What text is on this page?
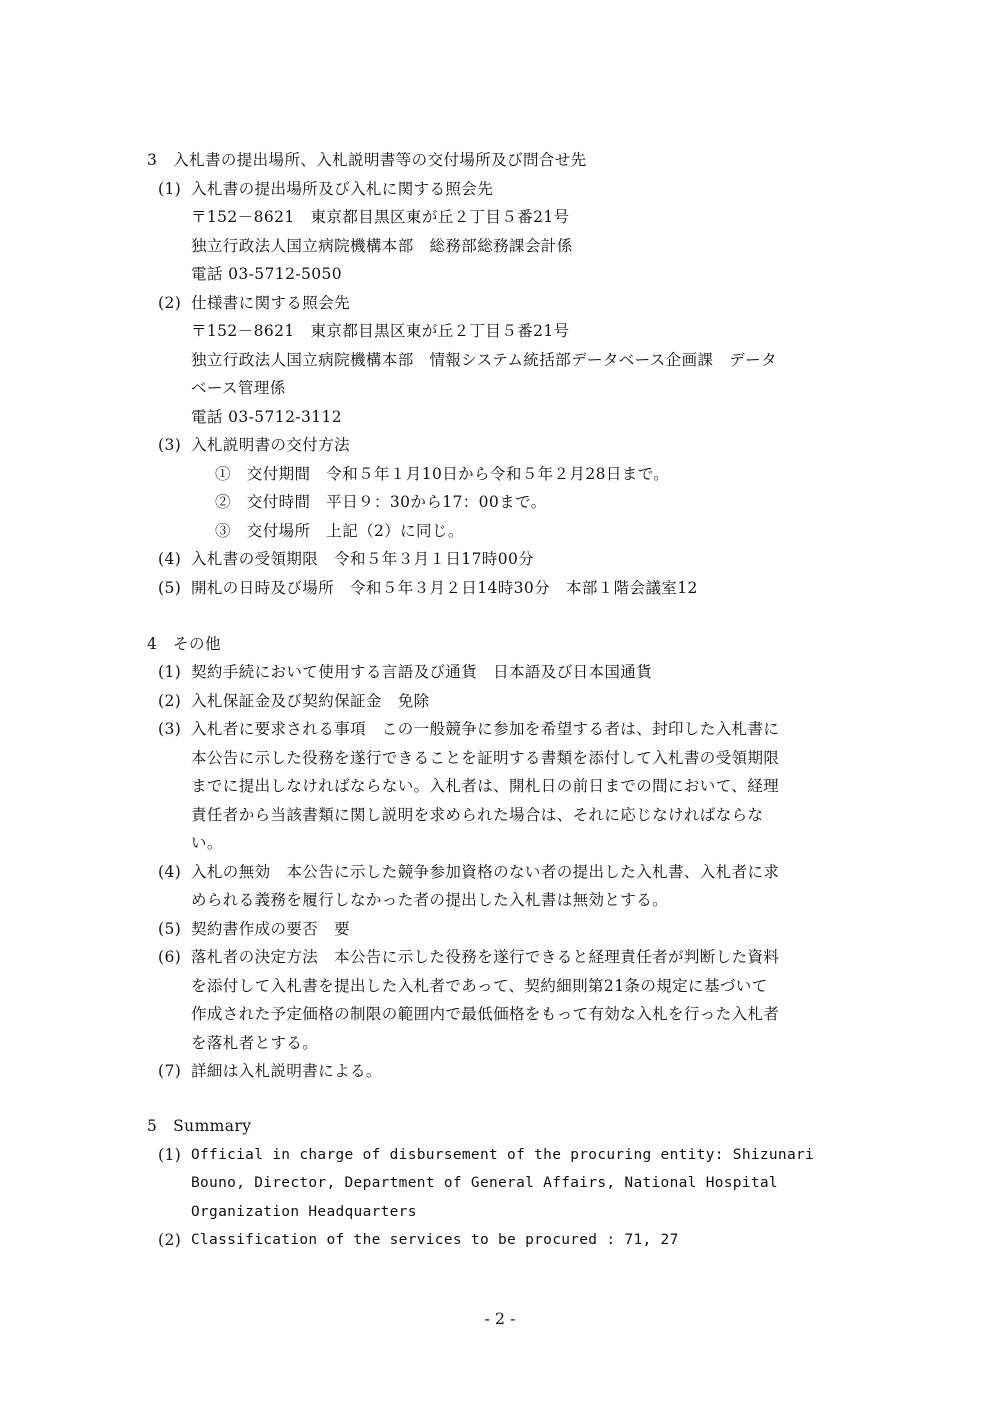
3　入札書の提出場所、入札説明書等の交付場所及び問合せ先
(1) 入札書の提出場所及び入札に関する照会先
〒152－8621　東京都目黒区東が丘２丁目５番21号
独立行政法人国立病院機構本部　総務部総務課会計係
電話 03-5712-5050
(2) 仕様書に関する照会先
〒152－8621　東京都目黒区東が丘２丁目５番21号
独立行政法人国立病院機構本部　情報システム統括部データベース企画課　データ
ベース管理係
電話 03-5712-3112
(3) 入札説明書の交付方法
①　交付期間　令和５年１月10日から令和５年２月28日まで。
②　交付時間　平日９：30から17：00まで。
③　交付場所　上記（2）に同じ。
(4) 入札書の受領期限　令和５年３月１日17時00分
(5) 開札の日時及び場所　令和５年３月２日14時30分　本部１階会議室12
4　その他
(1) 契約手続において使用する言語及び通貨　日本語及び日本国通貨
(2) 入札保証金及び契約保証金　免除
(3) 入札者に要求される事項　この一般競争に参加を希望する者は、封印した入札書に
本公告に示した役務を遂行できることを証明する書類を添付して入札書の受領期限
までに提出しなければならない。入札者は、開札日の前日までの間において、経理
責任者から当該書類に関し説明を求められた場合は、それに応じなければならな
い。
(4) 入札の無効　本公告に示した競争参加資格のない者の提出した入札書、入札者に求
められる義務を履行しなかった者の提出した入札書は無効とする。
(5) 契約書作成の要否　要
(6) 落札者の決定方法　本公告に示した役務を遂行できると経理責任者が判断した資料
を添付して入札書を提出した入札者であって、契約細則第21条の規定に基づいて
作成された予定価格の制限の範囲内で最低価格をもって有効な入札を行った入札者
を落札者とする。
(7) 詳細は入札説明書による。
5　Summary
(1) Official in charge of disbursement of the procuring entity: Shizunari
Bouno, Director, Department of General Affairs, National Hospital
Organization Headquarters
(2) Classification of the services to be procured : 71, 27
- 2 -
